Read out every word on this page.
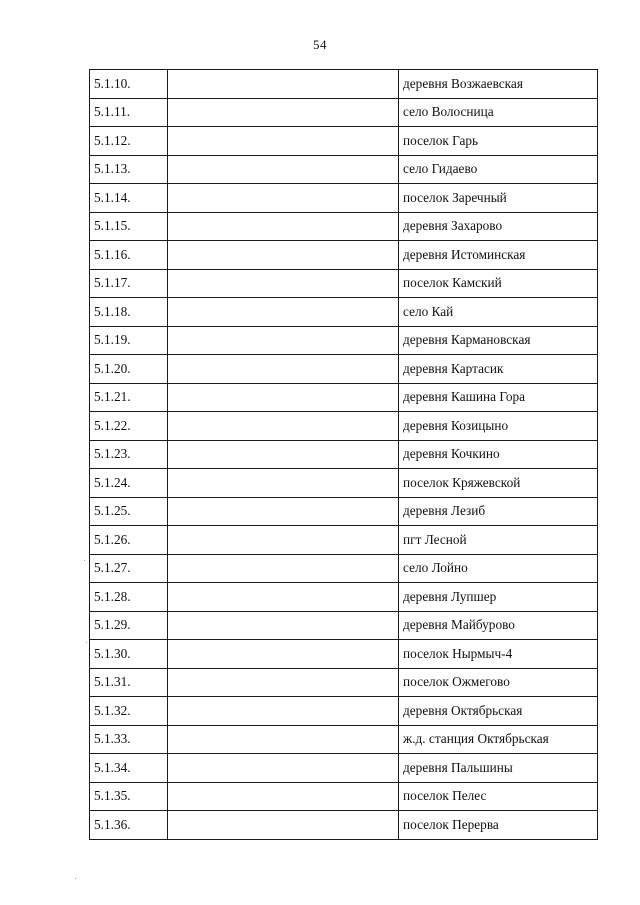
54
5.1.10.		деревня Возжаевская
5.1.11.		село Волосница
5.1.12.		поселок Гарь
5.1.13.		село Гидаево
5.1.14.		поселок Заречный
5.1.15.		деревня Захарово
5.1.16.		деревня Истоминская
5.1.17.		поселок Камский
5.1.18.		село Кай
5.1.19.		деревня Кармановская
5.1.20.		деревня Картасик
5.1.21.		деревня Кашина Гора
5.1.22.		деревня Козицыно
5.1.23.		деревня Кочкино
5.1.24.		поселок Кряжевской
5.1.25.		деревня Лезиб
5.1.26.		пгт Лесной
5.1.27.		село Лойно
5.1.28.		деревня Лупшер
5.1.29.		деревня Майбурово
5.1.30.		поселок Нырмыч-4
5.1.31.		поселок Ожмегово
5.1.32.		деревня Октябрьская
5.1.33.		ж.д. станция Октябрьская
5.1.34.		деревня Пальшины
5.1.35.		поселок Пелес
5.1.36.		поселок Перерва
